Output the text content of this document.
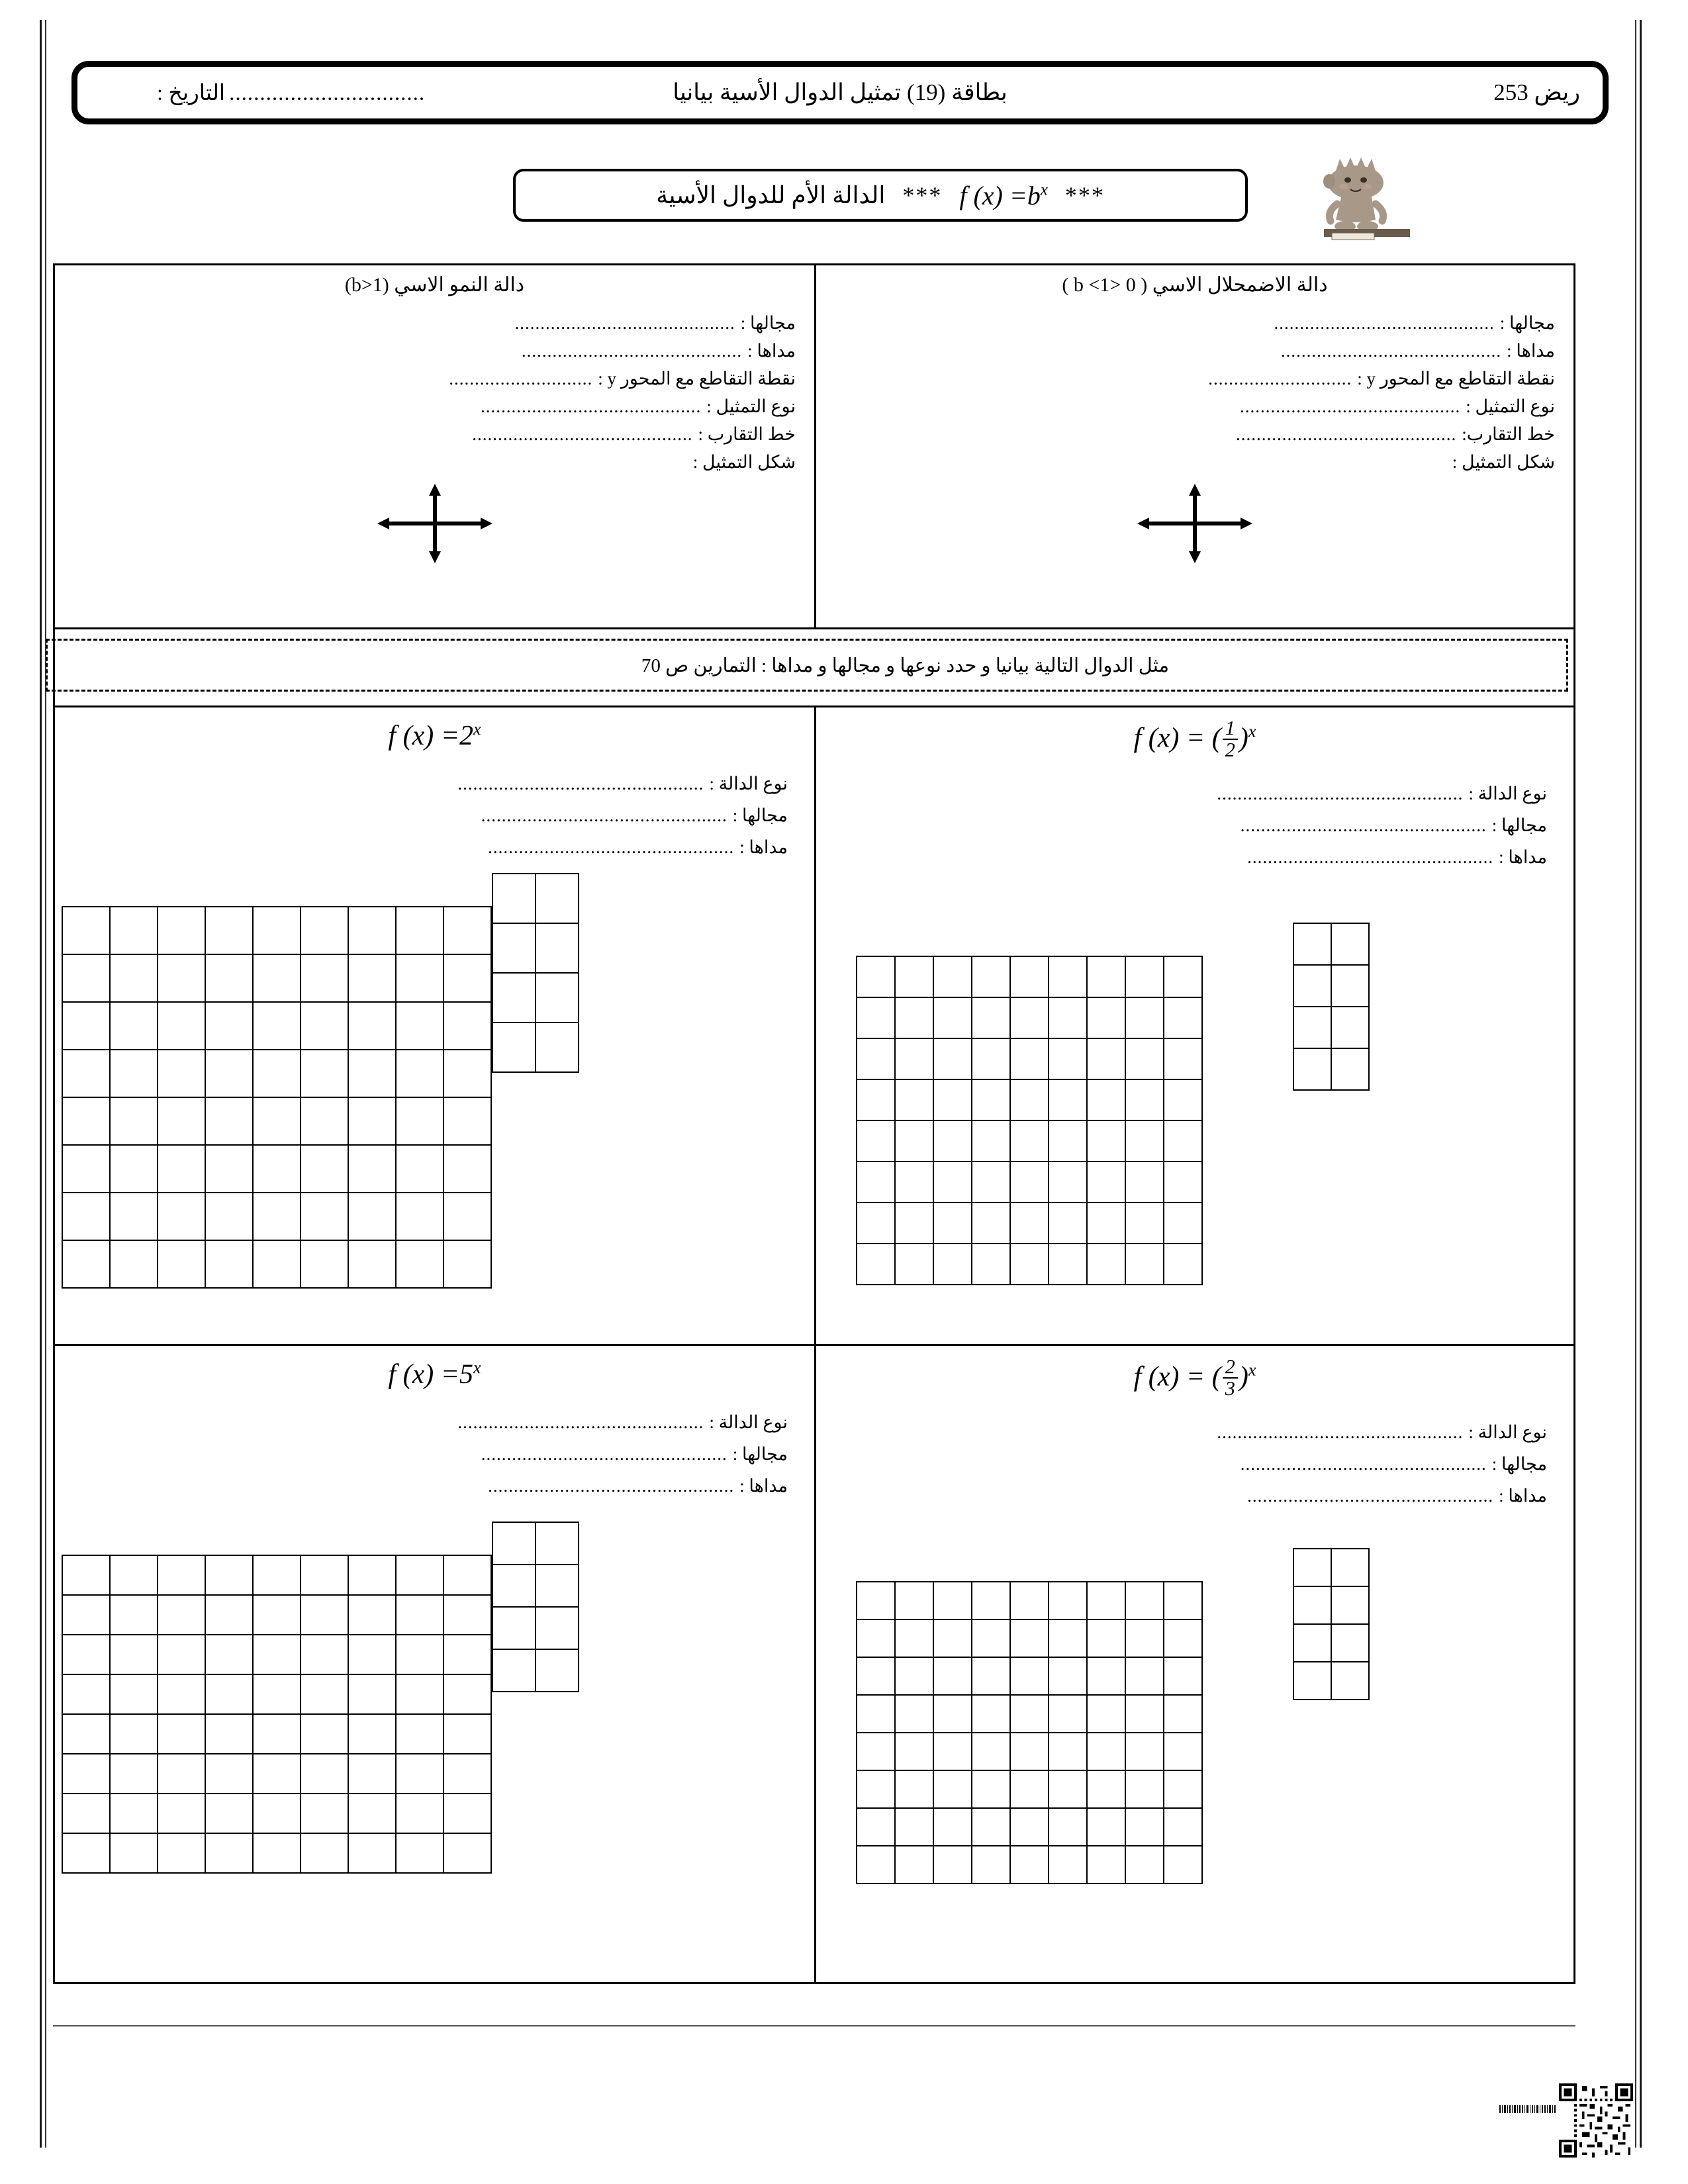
ريض 253
بطاقة (19) تمثيل الدوال الأسية بيانيا
................................
التاريخ :
***
f $(x) =b^x$
***
الدالة الأم للدوال الأسية
دالة الاضمحلال الاسي ( 0 <b <1 )
مجالها :
...........................................
مداها :
...........................................
نقطة التقاطع مع المحور y :
............................
نوع التمثيل :
...........................................
خط التقارب:
...........................................
شكل التمثيل :
دالة النمو الاسي (b>1)
مجالها :
...........................................
مداها :
...........................................
نقطة التقاطع مع المحور y :
............................
نوع التمثيل :
...........................................
خط التقارب :
...........................................
شكل التمثيل :
مثل الدوال التالية بيانيا و حدد نوعها و مجالها و مداها : التمارين ص 70
f (x) = ( $\frac{1}{2} )^x$
نوع الدالة :
................................................
مجالها :
................................................
مداها :
................................................

f $(x) =2^x$
نوع الدالة :
................................................
مجالها :
................................................
مداها :
................................................

f (x) = ( $\frac{2}{3} )^x$
نوع الدالة :
................................................
مجالها :
................................................
مداها :
................................................

f $(x) =5^x$
نوع الدالة :
................................................
مجالها :
................................................
مداها :
................................................
